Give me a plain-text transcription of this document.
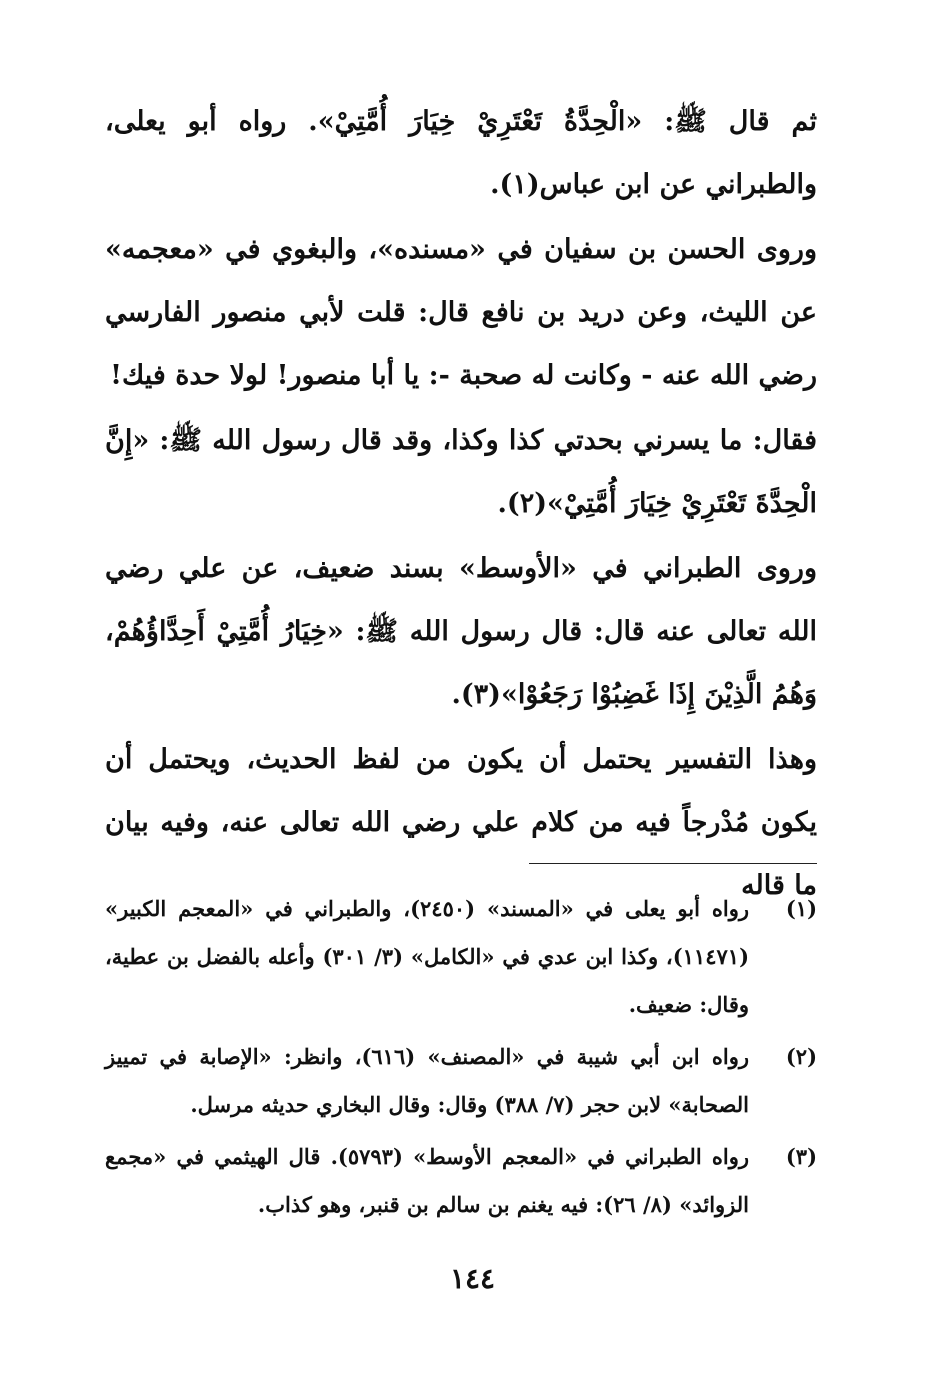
ثم قال ﷺ: «الْحِدَّةُ تَعْتَرِيْ خِيَارَ أُمَّتِيْ». رواه أبو يعلى، والطبراني عن ابن عباس(١).

وروى الحسن بن سفيان في «مسنده»، والبغوي في «معجمه» عن الليث، وعن دريد بن نافع قال: قلت لأبي منصور الفارسي رضي الله عنه - وكانت له صحبة -: يا أبا منصور! لولا حدة فيك!

فقال: ما يسرني بحدتي كذا وكذا، وقد قال رسول الله ﷺ: «إِنَّ الْحِدَّةَ تَعْتَرِيْ خِيَارَ أُمَّتِيْ»(٢).

وروى الطبراني في «الأوسط» بسند ضعيف، عن علي رضي الله تعالى عنه قال: قال رسول الله ﷺ: «خِيَارُ أُمَّتِيْ أَحِدَّاؤُهُمْ، وَهُمُ الَّذِيْنَ إِذَا غَضِبُوْا رَجَعُوْا»(٣).

وهذا التفسير يحتمل أن يكون من لفظ الحديث، ويحتمل أن يكون مُدْرجاً فيه من كلام علي رضي الله تعالى عنه، وفيه بيان ما قاله

(١)
رواه أبو يعلى في «المسند» (٢٤٥٠)، والطبراني في «المعجم الكبير» (١١٤٧١)، وكذا ابن عدي في «الكامل» (٣/ ٣٠١) وأعله بالفضل بن عطية، وقال: ضعيف.
(٢)
رواه ابن أبي شيبة في «المصنف» (٦١٦)، وانظر: «الإصابة في تمييز الصحابة» لابن حجر (٧/ ٣٨٨) وقال: وقال البخاري حديثه مرسل.
(٣)
رواه الطبراني في «المعجم الأوسط» (٥٧٩٣). قال الهيثمي في «مجمع الزوائد» (٨/ ٢٦): فيه يغنم بن سالم بن قنبر، وهو كذاب.
١٤٤
